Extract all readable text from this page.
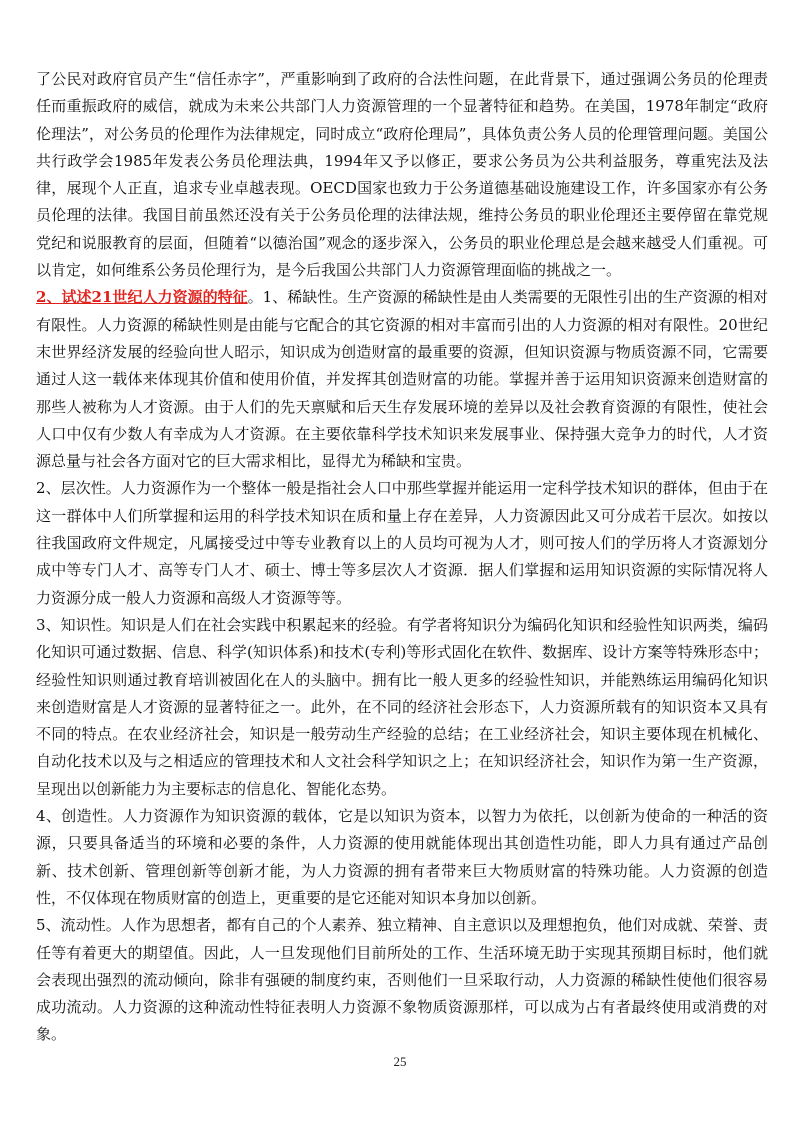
了公民对政府官员产生“信任赤字”，严重影响到了政府的合法性问题，在此背景下，通过强调公务员的伦理责任而重振政府的威信，就成为未来公共部门人力资源管理的一个显著特征和趋势。在美国，1978年制定“政府伦理法”，对公务员的伦理作为法律规定，同时成立“政府伦理局”，具体负责公务人员的伦理管理问题。美国公共行政学会1985年发表公务员伦理法典，1994年又予以修正，要求公务员为公共利益服务，尊重宪法及法律，展现个人正直，追求专业卓越表现。OECD国家也致力于公务道德基础设施建设工作，许多国家亦有公务员伦理的法律。我国目前虽然还没有关于公务员伦理的法律法规，维持公务员的职业伦理还主要停留在靠党规党纪和说服教育的层面，但随着“以德治国”观念的逐步深入，公务员的职业伦理总是会越来越受人们重视。可以肯定，如何维系公务员伦理行为，是今后我国公共部门人力资源管理面临的挑战之一。

2、试述21世纪人力资源的特征。1、稀缺性。生产资源的稀缺性是由人类需要的无限性引出的生产资源的相对有限性。人力资源的稀缺性则是由能与它配合的其它资源的相对丰富而引出的人力资源的相对有限性。20世纪末世界经济发展的经验向世人昭示，知识成为创造财富的最重要的资源，但知识资源与物质资源不同，它需要通过人这一载体来体现其价值和使用价值，并发挥其创造财富的功能。掌握并善于运用知识资源来创造财富的那些人被称为人才资源。由于人们的先天禀赋和后天生存发展环境的差异以及社会教育资源的有限性，使社会人口中仅有少数人有幸成为人才资源。在主要依靠科学技术知识来发展事业、保持强大竞争力的时代，人才资源总量与社会各方面对它的巨大需求相比，显得尤为稀缺和宝贵。

2、层次性。人力资源作为一个整体一般是指社会人口中那些掌握并能运用一定科学技术知识的群体，但由于在这一群体中人们所掌握和运用的科学技术知识在质和量上存在差异，人力资源因此又可分成若干层次。如按以往我国政府文件规定，凡属接受过中等专业教育以上的人员均可视为人才，则可按人们的学历将人才资源划分成中等专门人才、高等专门人才、硕士、博士等多层次人才资源．据人们掌握和运用知识资源的实际情况将人力资源分成一般人力资源和高级人才资源等等。

3、知识性。知识是人们在社会实践中积累起来的经验。有学者将知识分为编码化知识和经验性知识两类，编码化知识可通过数据、信息、科学(知识体系)和技术(专利)等形式固化在软件、数据库、设计方案等特殊形态中；经验性知识则通过教育培训被固化在人的头脑中。拥有比一般人更多的经验性知识，并能熟练运用编码化知识来创造财富是人才资源的显著特征之一。此外，在不同的经济社会形态下，人力资源所载有的知识资本又具有不同的特点。在农业经济社会，知识是一般劳动生产经验的总结；在工业经济社会，知识主要体现在机械化、自动化技术以及与之相适应的管理技术和人文社会科学知识之上；在知识经济社会，知识作为第一生产资源，呈现出以创新能力为主要标志的信息化、智能化态势。

4、创造性。人力资源作为知识资源的载体，它是以知识为资本，以智力为依托，以创新为使命的一种活的资源，只要具备适当的环境和必要的条件，人力资源的使用就能体现出其创造性功能，即人力具有通过产品创新、技术创新、管理创新等创新才能，为人力资源的拥有者带来巨大物质财富的特殊功能。人力资源的创造性，不仅体现在物质财富的创造上，更重要的是它还能对知识本身加以创新。

5、流动性。人作为思想者，都有自己的个人素养、独立精神、自主意识以及理想抱负，他们对成就、荣誉、责任等有着更大的期望值。因此，人一旦发现他们目前所处的工作、生活环境无助于实现其预期目标时，他们就会表现出强烈的流动倾向，除非有强硬的制度约束，否则他们一旦采取行动，人力资源的稀缺性使他们很容易成功流动。人力资源的这种流动性特征表明人力资源不象物质资源那样，可以成为占有者最终使用或消费的对象。

25
